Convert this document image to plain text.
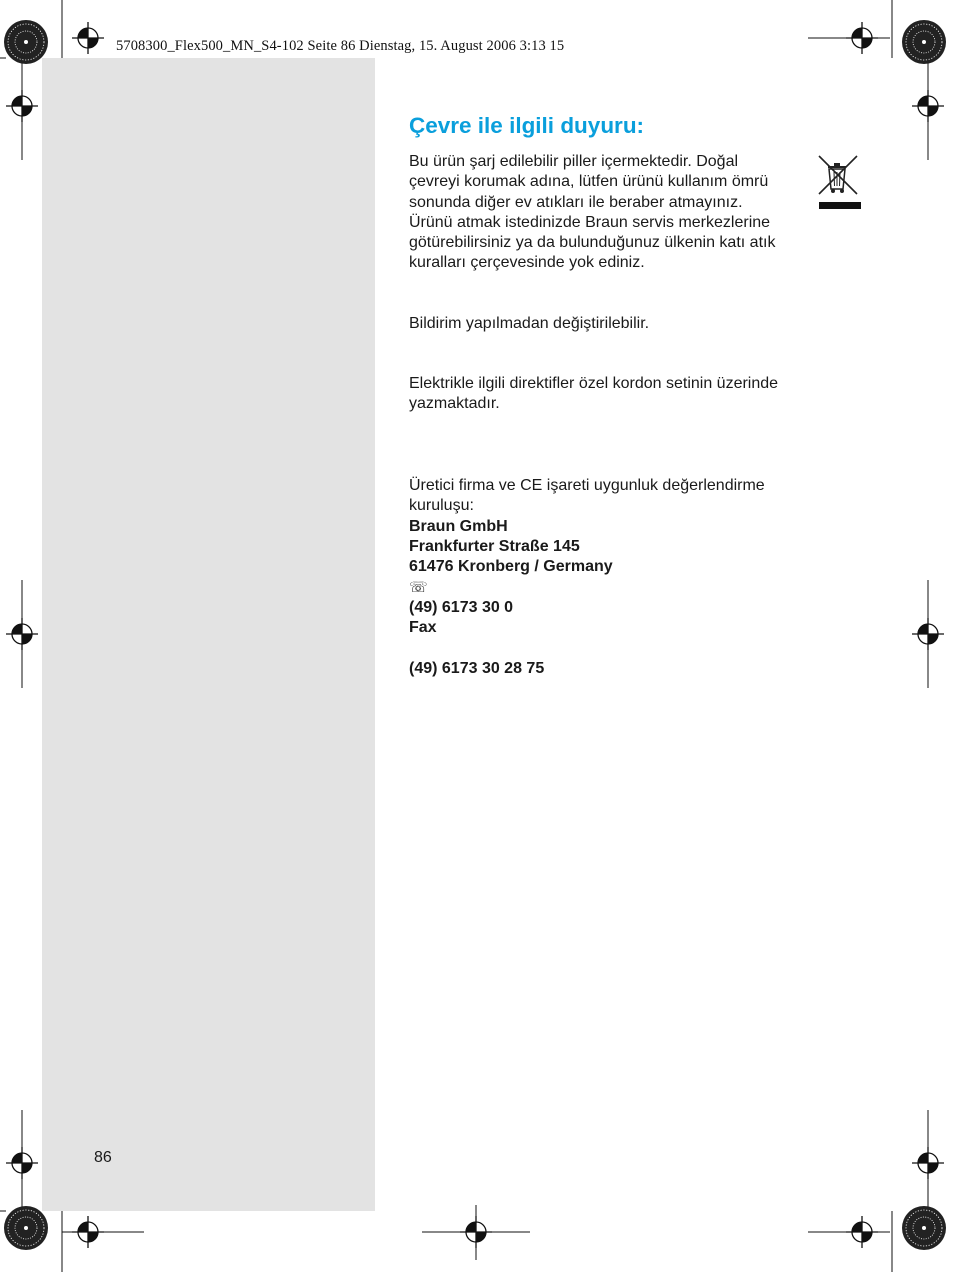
5708300_Flex500_MN_S4-102 Seite 86 Dienstag, 15. August 2006 3:13 15
Çevre ile ilgili duyuru:

Bu ürün şarj edilebilir piller içermektedir. Doğal
çevreyi korumak adına, lütfen ürünü kullanım ömrü
sonunda diğer ev atıkları ile beraber atmayınız.
Ürünü atmak istedinizde Braun servis merkezlerine
götürebilirsiniz ya da bulunduğunuz ülkenin katı atık
kuralları çerçevesinde yok ediniz.

Bildirim yapılmadan değiştirilebilir.

Elektrikle ilgili direktifler özel kordon setinin üzerinde
yazmaktadır.

Üretici firma ve CE işareti uygunluk değerlendirme
kuruluşu:
Braun GmbH
Frankfurter Straße 145
61476 Kronberg / Germany
☏
(49) 6173 30 0
Fax

(49) 6173 30 28 75
86
